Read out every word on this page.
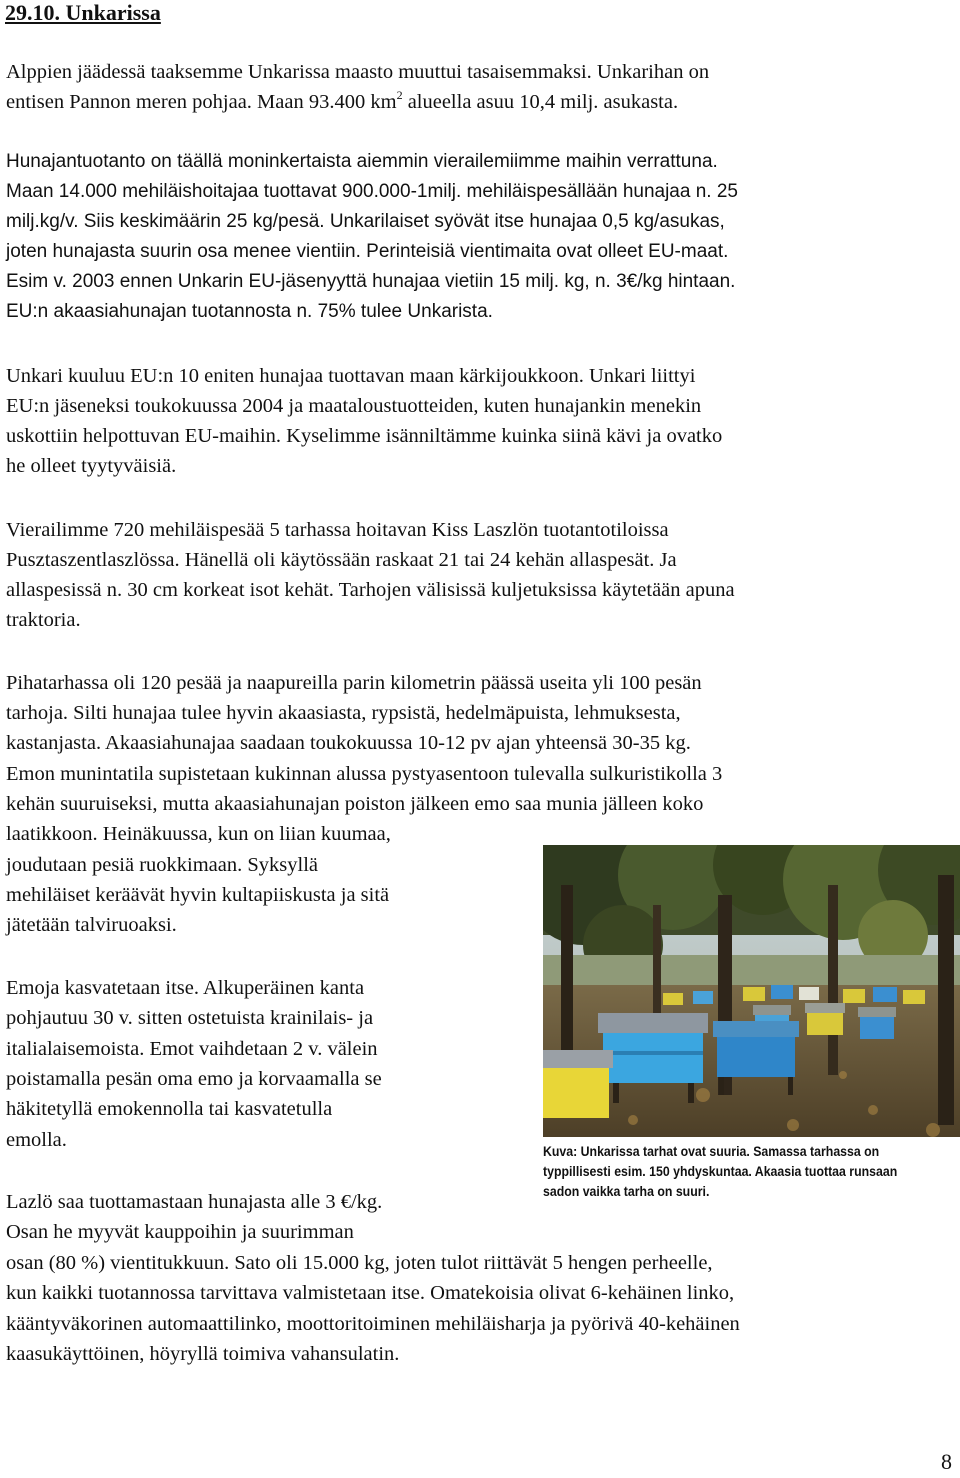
29.10. Unkarissa

Alppien jäädessä taaksemme Unkarissa maasto muuttui tasaisemmaksi. Unkarihan on

entisen Pannon meren pohjaa. Maan 93.400 $km^2$ alueella asuu 10,4 milj. asukasta.

Hunajantuotanto on täällä moninkertaista aiemmin vierailemiimme maihin verrattuna.

Maan 14.000 mehiläishoitajaa tuottavat 900.000-1milj. mehiläispesällään hunajaa n. 25

milj.kg/v. Siis keskimäärin 25 kg/pesä. Unkarilaiset syövät itse hunajaa 0,5 kg/asukas,

joten hunajasta suurin osa menee vientiin. Perinteisiä vientimaita ovat olleet EU-maat.

Esim v. 2003 ennen Unkarin EU-jäsenyyttä hunajaa vietiin 15 milj. kg, n. 3€/kg hintaan.

EU:n akaasiahunajan tuotannosta n. 75% tulee Unkarista.

Unkari kuuluu EU:n 10 eniten hunajaa tuottavan maan kärkijoukkoon. Unkari liittyi

EU:n jäseneksi toukokuussa 2004 ja maataloustuotteiden, kuten hunajankin menekin

uskottiin helpottuvan EU-maihin. Kyselimme isänniltämme kuinka siinä kävi ja ovatko

he olleet tyytyväisiä.

Vierailimme 720 mehiläispesää 5 tarhassa hoitavan Kiss Laszlön tuotantotiloissa

Pusztaszentlaszlössa. Hänellä oli käytössään raskaat 21 tai 24 kehän allaspesät. Ja

allaspesissä n. 30 cm korkeat isot kehät. Tarhojen välisissä kuljetuksissa käytetään apuna

traktoria.

Pihatarhassa oli 120 pesää ja naapureilla parin kilometrin päässä useita yli 100 pesän

tarhoja. Silti hunajaa tulee hyvin akaasiasta, rypsistä, hedelmäpuista, lehmuksesta,

kastanjasta. Akaasiahunajaa saadaan toukokuussa 10-12 pv ajan yhteensä 30-35 kg.

Emon munintatila supistetaan kukinnan alussa pystyasentoon tulevalla sulkuristikolla 3

kehän suuruiseksi, mutta akaasiahunajan poiston jälkeen emo saa munia jälleen koko

laatikkoon. Heinäkuussa, kun on liian kuumaa,

joudutaan pesiä ruokkimaan. Syksyllä

mehiläiset keräävät hyvin kultapiiskusta ja sitä

jätetään talviruoaksi.

Emoja kasvatetaan itse. Alkuperäinen kanta

pohjautuu 30 v. sitten ostetuista krainilais- ja

italialaisemoista. Emot vaihdetaan 2 v. välein

poistamalla pesän oma emo ja korvaamalla se

häkitetyllä emokennolla tai kasvatetulla

emolla.

Lazlö saa tuottamastaan hunajasta alle 3 €/kg.

Osan he myyvät kauppoihin ja suurimman

osan (80 %) vientitukkuun. Sato oli 15.000 kg, joten tulot riittävät 5 hengen perheelle,

kun kaikki tuotannossa tarvittava valmistetaan itse. Omatekoisia olivat 6-kehäinen linko,

kääntyväkorinen automaattilinko, moottoritoiminen mehiläisharja ja pyörivä 40-kehäinen

kaasukäyttöinen, höyryllä toimiva vahansulatin.

Kuva: Unkarissa tarhat ovat suuria. Samassa tarhassa on
typpillisesti esim. 150 yhdyskuntaa. Akaasia tuottaa runsaan
sadon vaikka tarha on suuri.

8
